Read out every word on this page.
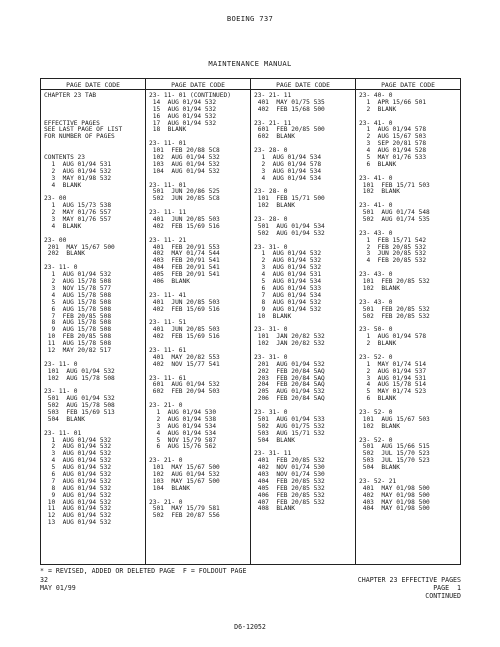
BOEING 737
MAINTENANCE MANUAL
PAGE DATE CODE
CHAPTER 23 TAB
EFFECTIVE PAGES
SEE LAST PAGE OF LIST
FOR NUMBER OF PAGES
CONTENTS 23
1  AUG 01/94 531
2  AUG 01/94 532
3  MAY 01/98 532
4  BLANK
23- 00
1  AUG 15/73 538
2  MAY 01/76 557
3  MAY 01/76 557
4  BLANK
23- 00
201  MAY 15/67 500
202  BLANK
23- 11- 0
1  AUG 01/94 532
2  AUG 15/78 508
3  NOV 15/78 577
4  AUG 15/78 508
5  AUG 15/78 508
6  AUG 15/78 508
7  FEB 20/85 508
8  AUG 15/78 508
9  AUG 15/78 508
10  FEB 20/85 508
11  AUG 15/78 508
12  MAY 20/82 517
23- 11- 0
101  AUG 01/94 532
102  AUG 15/78 508
23- 11- 0
501  AUG 01/94 532
502  AUG 15/78 508
503  FEB 15/69 513
504  BLANK
23- 11- 01
1  AUG 01/94 532
2  AUG 01/94 532
3  AUG 01/94 532
4  AUG 01/94 532
5  AUG 01/94 532
6  AUG 01/94 532
7  AUG 01/94 532
8  AUG 01/94 532
9  AUG 01/94 532
10  AUG 01/94 532
11  AUG 01/94 532
12  AUG 01/94 532
13  AUG 01/94 532
PAGE DATE CODE
23- 11- 01 (CONTINUED)
14  AUG 01/94 532
15  AUG 01/94 532
16  AUG 01/94 532
17  AUG 01/94 532
18  BLANK
23- 11- 01
101  FEB 20/88 5C8
102  AUG 01/94 532
103  AUG 01/94 532
104  AUG 01/94 532
23- 11- 01
501  JUN 20/86 525
502  JUN 20/85 5C8
23- 11- 11
401  JUN 20/85 503
402  FEB 15/69 516
23- 11- 21
401  FEB 20/91 553
402  MAY 01/74 544
403  FEB 20/91 541
404  FEB 20/91 541
405  FEB 20/91 541
406  BLANK
23- 11- 41
401  JUN 20/85 503
402  FEB 15/69 516
23- 11- 51
401  JUN 20/85 503
402  FEB 15/69 516
23- 11- 61
401  MAY 20/82 553
402  NOV 15/77 541
23- 11- 61
601  AUG 01/94 532
602  FEB 20/94 503
23- 21- 0
1  AUG 01/94 530
2  AUG 01/94 538
3  AUG 01/94 534
4  AUG 01/94 534
5  NOV 15/79 587
6  AUG 15/76 562
23- 21- 0
101  MAY 15/67 500
102  AUG 01/94 532
103  MAY 15/67 500
104  BLANK
23- 21- 0
501  MAY 15/79 581
502  FEB 20/87 556
PAGE DATE CODE
23- 21- 11
401  MAY 01/75 535
402  FEB 15/68 500
23- 21- 11
601  FEB 20/85 500
602  BLANK
23- 28- 0
1  AUG 01/94 534
2  AUG 01/94 578
3  AUG 01/94 534
4  AUG 01/94 534
23- 28- 0
101  FEB 15/71 500
102  BLANK
23- 28- 0
501  AUG 01/94 534
502  AUG 01/94 532
23- 31- 0
1  AUG 01/94 532
2  AUG 01/94 532
3  AUG 01/94 532
4  AUG 01/94 531
5  AUG 01/94 534
6  AUG 01/94 533
7  AUG 01/94 534
8  AUG 01/94 532
9  AUG 01/94 532
10  BLANK
23- 31- 0
101  JAN 20/82 532
102  JAN 20/82 532
23- 31- 0
201  AUG 01/94 532
202  FEB 20/84 5AQ
203  FEB 20/84 5AQ
204  FEB 20/84 5AQ
205  AUG 01/94 532
206  FEB 20/84 5AQ
23- 31- 0
501  AUG 01/94 533
502  AUG 01/75 532
503  AUG 15/71 532
504  BLANK
23- 31- 11
401  FEB 20/85 532
402  NOV 01/74 530
403  NOV 01/74 530
404  FEB 20/85 532
405  FEB 20/85 532
406  FEB 20/85 532
407  FEB 20/85 532
408  BLANK
PAGE DATE CODE
23- 40- 0
1  APR 15/66 501
2  BLANK
23- 41- 0
1  AUG 01/94 578
2  AUG 15/67 503
3  SEP 20/81 578
4  AUG 01/94 528
5  MAY 01/76 533
6  BLANK
23- 41- 0
101  FEB 15/71 503
102  BLANK
23- 41- 0
501  AUG 01/74 548
502  AUG 01/74 535
23- 43- 0
1  FEB 15/71 542
2  FEB 20/85 532
3  JUN 20/85 532
4  FEB 20/85 532
23- 43- 0
101  FEB 20/85 532
102  BLANK
23- 43- 0
501  FEB 20/85 532
502  FEB 20/85 532
23- 50- 0
1  AUG 01/94 578
2  BLANK
23- 52- 0
1  MAY 01/74 514
2  AUG 01/94 537
3  AUG 01/94 531
4  AUG 15/78 514
5  MAY 01/74 523
6  BLANK
23- 52- 0
101  AUG 15/67 503
102  BLANK
23- 52- 0
501  AUG 15/66 515
502  JUL 15/70 523
503  JUL 15/70 523
504  BLANK
23- 52- 21
401  MAY 01/98 500
402  MAY 01/98 500
403  MAY 01/98 500
404  MAY 01/98 500
* = REVISED, ADDED OR DELETED PAGE  F = FOLDOUT PAGE
32
MAY 01/99
CHAPTER 23 EFFECTIVE PAGES
PAGE  1
CONTINUED
D6-12052
